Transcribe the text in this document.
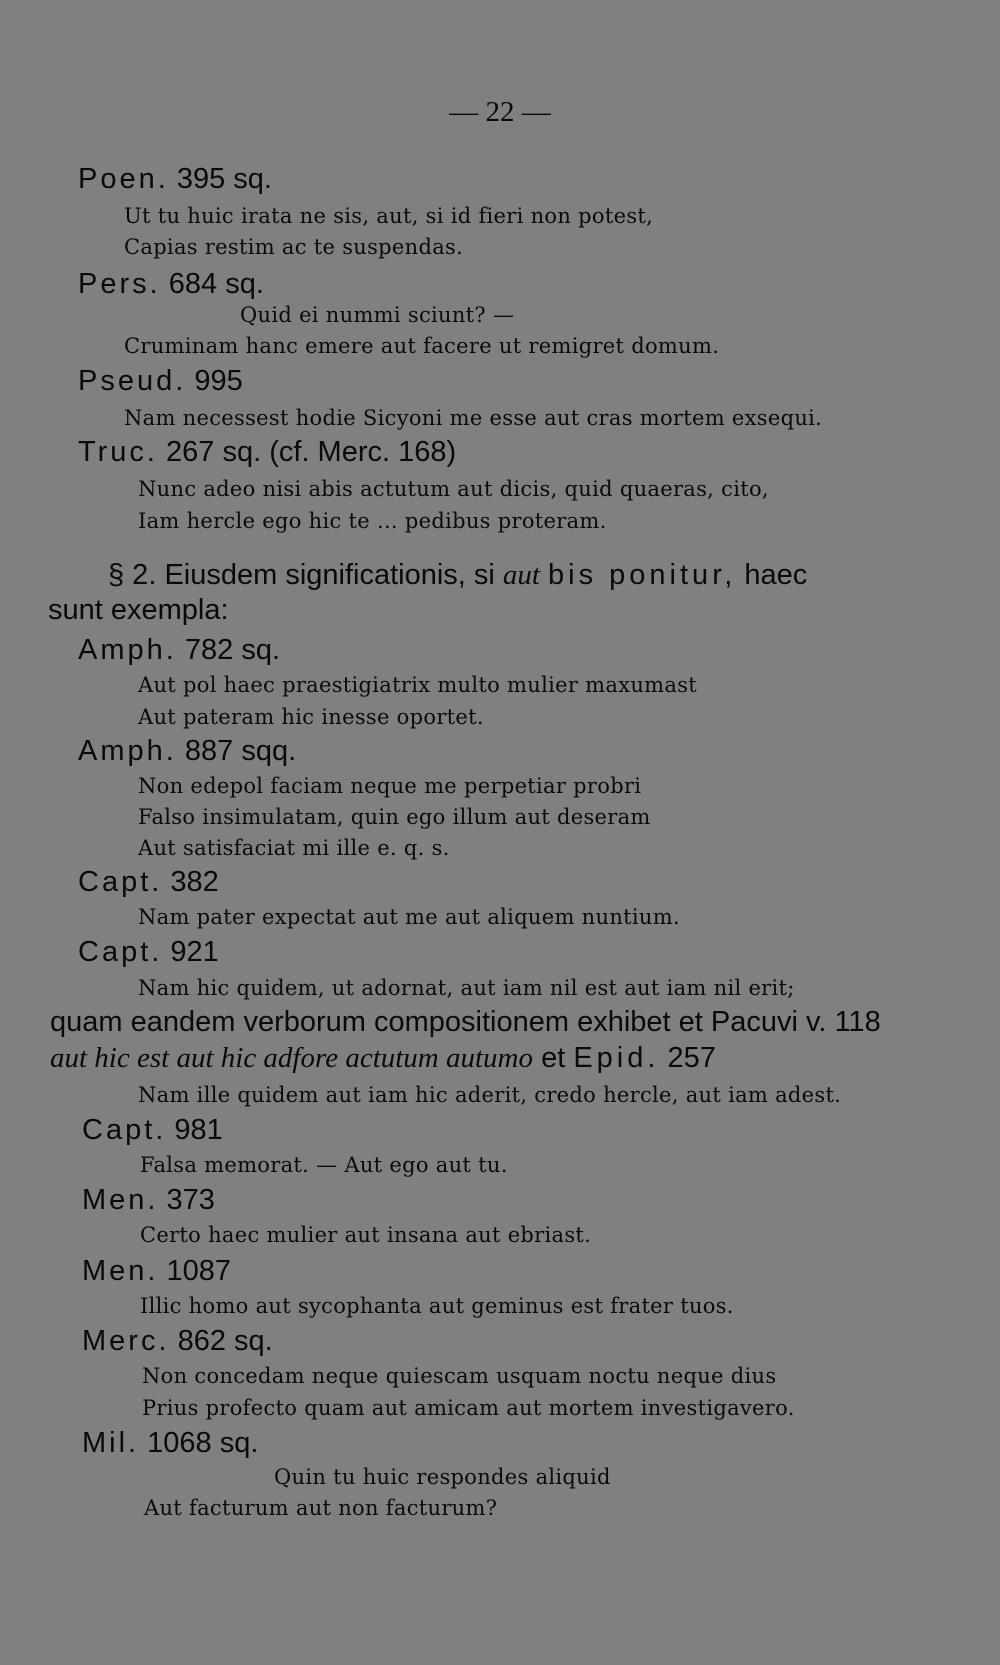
— 22 —
Poen. 395 sq.
Ut tu huic irata ne sis, aut, si id fieri non potest,
Capias restim ac te suspendas.
Pers. 684 sq.
Quid ei nummi sciunt? —
Cruminam hanc emere aut facere ut remigret domum.
Pseud. 995
Nam necessest hodie Sicyoni me esse aut cras mortem exsequi.
Truc. 267 sq. (cf. Merc. 168)
Nunc adeo nisi abis actutum aut dicis, quid quaeras, cito,
Iam hercle ego hic te ... pedibus proteram.
§ 2. Eiusdem significationis, si aut bis ponitur, haec
sunt exempla:
Amph. 782 sq.
Aut pol haec praestigiatrix multo mulier maxumast
Aut pateram hic inesse oportet.
Amph. 887 sqq.
Non edepol faciam neque me perpetiar probri
Falso insimulatam, quin ego illum aut deseram
Aut satisfaciat mi ille e. q. s.
Capt. 382
Nam pater expectat aut me aut aliquem nuntium.
Capt. 921
Nam hic quidem, ut adornat, aut iam nil est aut iam nil erit;
quam eandem verborum compositionem exhibet et Pacuvi v. 118
aut hic est aut hic adfore actutum autumo et Epid. 257
Nam ille quidem aut iam hic aderit, credo hercle, aut iam adest.
Capt. 981
Falsa memorat. — Aut ego aut tu.
Men. 373
Certo haec mulier aut insana aut ebriast.
Men. 1087
Illic homo aut sycophanta aut geminus est frater tuos.
Merc. 862 sq.
Non concedam neque quiescam usquam noctu neque dius
Prius profecto quam aut amicam aut mortem investigavero.
Mil. 1068 sq.
Quin tu huic respondes aliquid
Aut facturum aut non facturum?
